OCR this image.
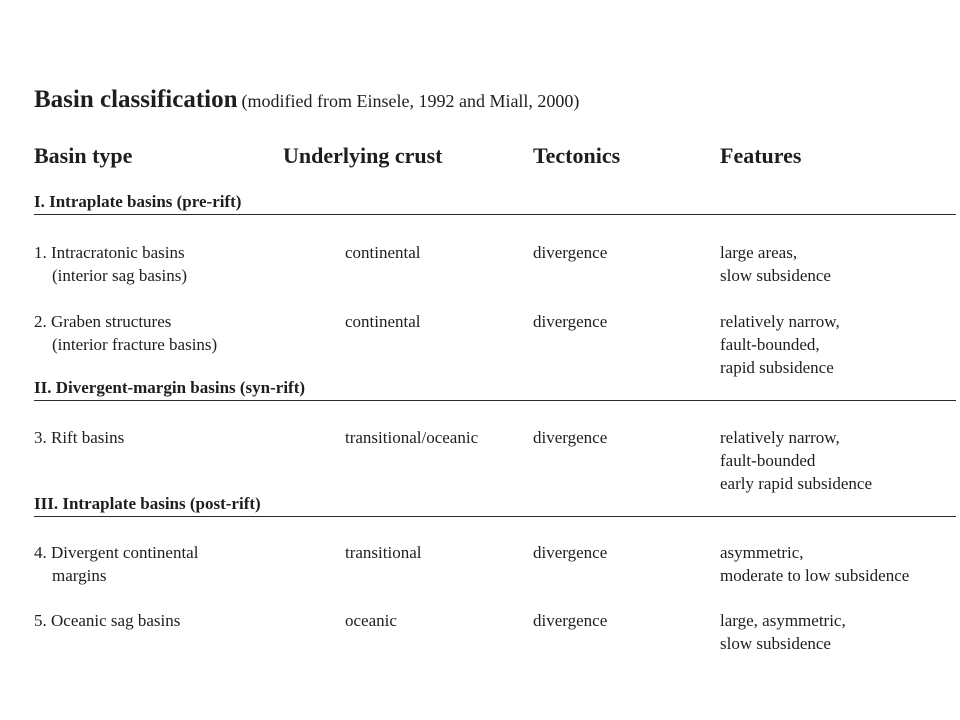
Basin classification (modified from Einsele, 1992 and Miall, 2000)
Basin type	Underlying crust	Tectonics	Features
I. Intraplate basins (pre-rift)
1. Intracratonic basins
(interior sag basins)
continental	divergence	large areas,
slow subsidence
2. Graben structures
(interior fracture basins)
continental	divergence	relatively narrow,
fault-bounded,
rapid subsidence
II. Divergent-margin basins (syn-rift)
3. Rift basins	transitional/oceanic	divergence	relatively narrow,
fault-bounded
early rapid subsidence
III. Intraplate basins (post-rift)
4. Divergent continental
margins
transitional	divergence	asymmetric,
moderate to low subsidence
5. Oceanic sag basins	oceanic	divergence	large, asymmetric,
slow subsidence
